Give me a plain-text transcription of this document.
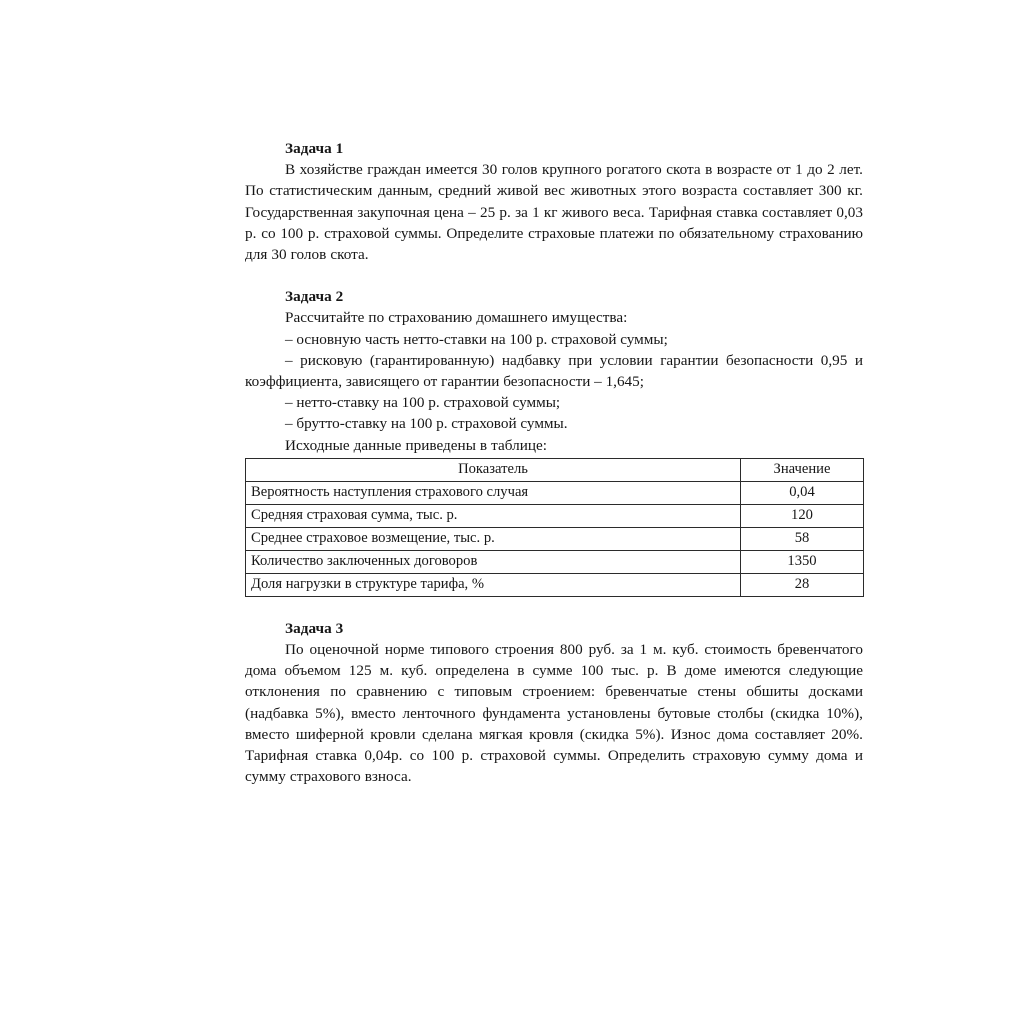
Задача 1

В хозяйстве граждан имеется 30 голов крупного рогатого скота в возрасте от 1 до 2 лет. По статистическим данным, средний живой вес животных этого возраста составляет 300 кг. Государственная закупочная цена – 25 р. за 1 кг живого веса. Тарифная ставка составляет 0,03 р. со 100 р. страховой суммы. Определите страховые платежи по обязательному страхованию для 30 голов скота.

Задача 2

Рассчитайте по страхованию домашнего имущества:

– основную часть нетто-ставки на 100 р. страховой суммы;

– рисковую (гарантированную) надбавку при условии гарантии безопасности 0,95 и коэффициента, зависящего от гарантии безопасности – 1,645;

– нетто-ставку на 100 р. страховой суммы;

– брутто-ставку на 100 р. страховой суммы.

Исходные данные приведены в таблице:

Показатель	Значение
Вероятность наступления страхового случая	0,04
Средняя страховая сумма, тыс. р.	120
Среднее страховое возмещение, тыс. р.	58
Количество заключенных договоров	1350
Доля нагрузки в структуре тарифа, %	28

Задача 3

По оценочной норме типового строения 800 руб. за 1 м. куб. стоимость бревенчатого дома объемом 125 м. куб. определена в сумме 100 тыс. р. В доме имеются следующие отклонения по сравнению с типовым строением: бревенчатые стены обшиты досками (надбавка 5%), вместо ленточного фундамента установлены бутовые столбы (скидка 10%), вместо шиферной кровли сделана мягкая кровля (скидка 5%). Износ дома составляет 20%. Тарифная ставка 0,04р. со 100 р. страховой суммы. Определить страховую сумму дома и сумму страхового взноса.
